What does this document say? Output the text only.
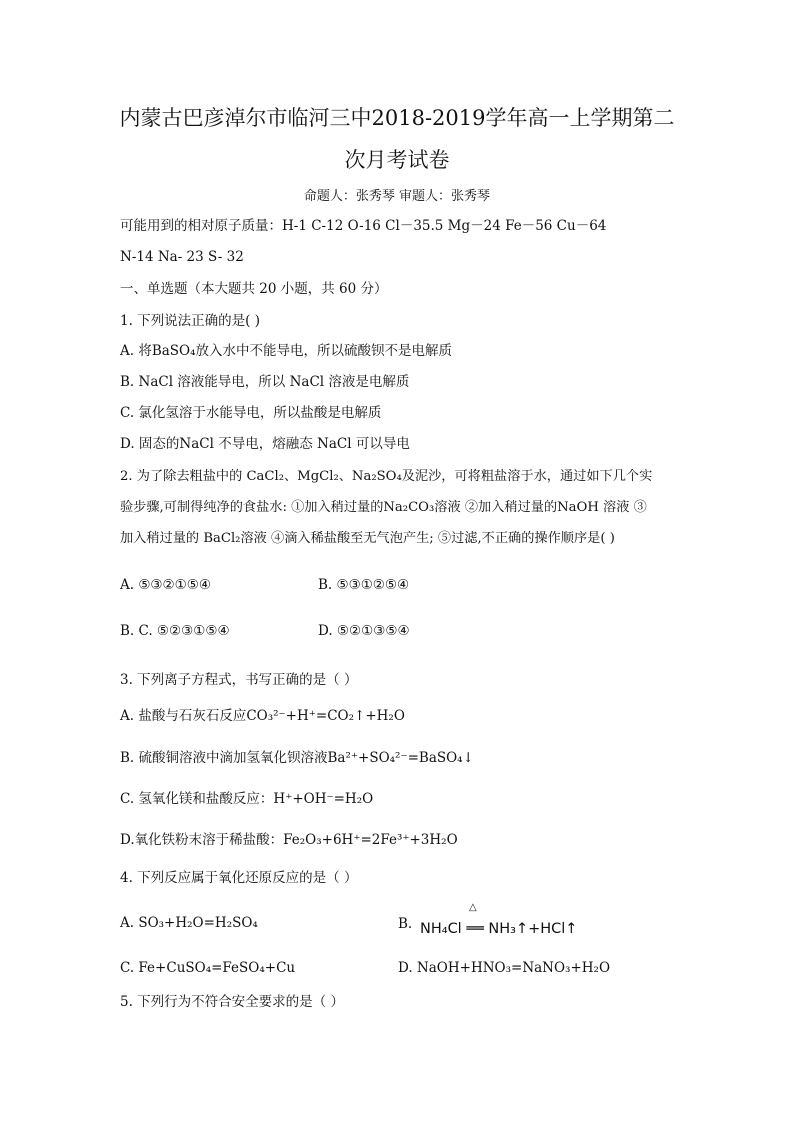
内蒙古巴彦淖尔市临河三中2018-2019学年高一上学期第二
次月考试卷
命题人：张秀琴 审题人：张秀琴
可能用到的相对原子质量：H-1 C-12 O-16 Cl－35.5 Mg－24 Fe－56 Cu－64
N-14 Na- 23 S- 32
一、单选题（本大题共 20 小题，共 60 分）
1. 下列说法正确的是( )
A. 将BaSO₄放入水中不能导电，所以硫酸钡不是电解质
B. NaCl 溶液能导电，所以 NaCl 溶液是电解质
C. 氯化氢溶于水能导电，所以盐酸是电解质
D. 固态的NaCl 不导电，熔融态 NaCl 可以导电
2. 为了除去粗盐中的 CaCl₂、MgCl₂、Na₂SO₄及泥沙，可将粗盐溶于水，通过如下几个实
验步骤,可制得纯净的食盐水: ①加入稍过量的Na₂CO₃溶液 ②加入稍过量的NaOH 溶液 ③
加入稍过量的 BaCl₂溶液 ④滴入稀盐酸至无气泡产生; ⑤过滤,不正确的操作顺序是( )
A. ⑤③②①⑤④	B. ⑤③①②⑤④
B. C. ⑤②③①⑤④	D. ⑤②①③⑤④
3. 下列离子方程式，书写正确的是（ ）
A. 盐酸与石灰石反应CO₃²⁻+H⁺=CO₂↑+H₂O
B. 硫酸铜溶液中滴加氢氧化钡溶液Ba²⁺+SO₄²⁻=BaSO₄↓
C. 氢氧化镁和盐酸反应：H⁺+OH⁻=H₂O
D.氧化铁粉末溶于稀盐酸：Fe₂O₃+6H⁺=2Fe³⁺+3H₂O
4. 下列反应属于氧化还原反应的是（ ）
A. SO₃+H₂O=H₂SO₄	B.
△
NH₄Cl ══ NH₃↑+HCl↑
C. Fe+CuSO₄=FeSO₄+Cu	D. NaOH+HNO₃=NaNO₃+H₂O
5. 下列行为不符合安全要求的是（ ）
